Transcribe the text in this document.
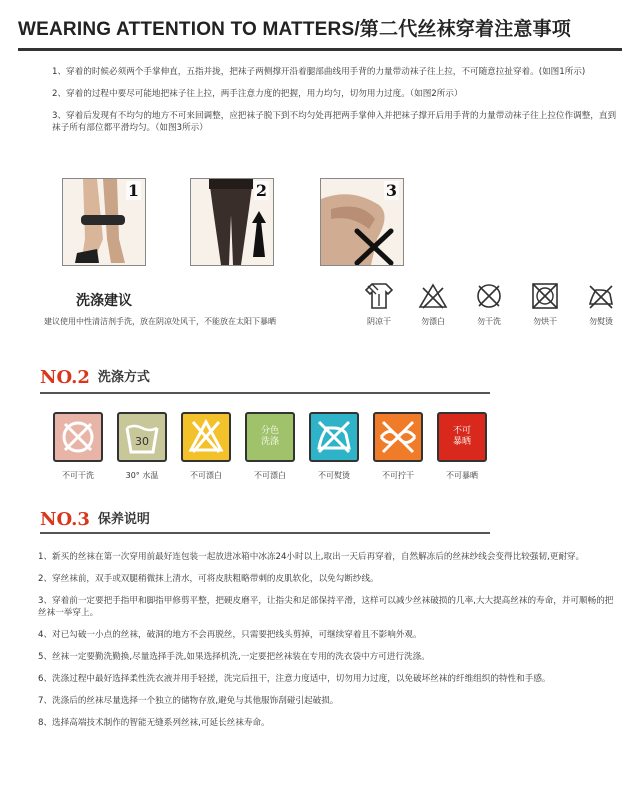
WEARING ATTENTION TO MATTERS/第二代丝袜穿着注意事项
1、穿着的时候必须两个手掌伸直，五指并拢，把袜子两侧撑开沿着腿部曲线用手背的力量带动袜子往上拉，不可随意拉扯穿着。(如图1所示)
2、穿着的过程中要尽可能地把袜子往上拉，两手注意力度的把握，用力均匀，切勿用力过度。（如图2所示）
3、穿着后发现有不均匀的地方不可来回调整，应把袜子脱下到不均匀处再把两手掌伸入并把袜子撑开后用手背的力量带动袜子往上拉位作调整，直到袜子所有部位都平滑均匀。（如图3所示）
1	2	3
洗涤建议
建议使用中性清洁剂手洗，放在阴凉处风干，不能放在太阳下暴晒	阴凉干	勿漂白	勿干洗	勿烘干	勿熨烫
NO.2 洗涤方式
不可干洗
30
30° 水温	不可漂白
分色
洗涤
不可漂白	不可熨烫	不可拧干
不可
暴晒
不可暴晒
NO.3 保养说明
1、新买的丝袜在第一次穿用前最好连包装一起放进冰箱中冰冻24小时以上,取出一天后再穿着，自然解冻后的丝袜纱线会变得比较强韧,更耐穿。
2、穿丝袜前，双手或双腿稍微抹上清水，可将皮肤粗略带刺的皮肌软化，以免勾断纱线。
3、穿着前一定要把手指甲和脚指甲修剪平整，把硬皮磨平，让指尖和足部保持平滑，这样可以减少丝袜破损的几率,大大提高丝袜的寿命，并可顺畅的把丝袜一举穿上。
4、对已勾破一小点的丝袜，破洞的地方不会再脱丝，只需要把线头剪掉，可继续穿着且不影响外观。
5、丝袜一定要勤洗勤换,尽量选择手洗,如果选择机洗,一定要把丝袜装在专用的洗衣袋中方可进行洗涤。
6、洗涤过程中最好选择柔性洗衣液并用手轻搓，洗完后扭干，注意力度适中，切勿用力过度，以免破坏丝袜的纤维组织的特性和手感。
7、洗涤后的丝袜尽量选择一个独立的储物存放,避免与其他服饰刮碰引起破损。
8、选择高端技术制作的智能无缝系列丝袜,可延长丝袜寿命。
